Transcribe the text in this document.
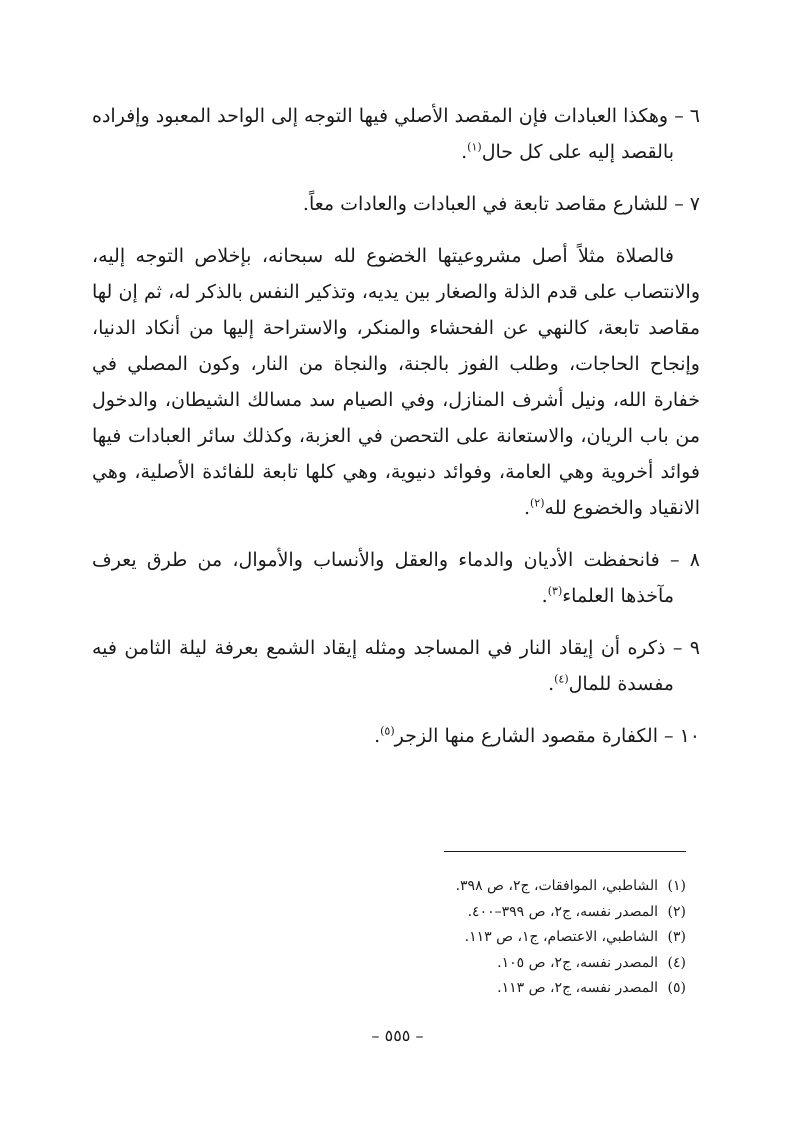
٦ – وهكذا العبادات فإن المقصد الأصلي فيها التوجه إلى الواحد المعبود وإفراده بالقصد إليه على كل حال$^{(١)}$.

٧ – للشارع مقاصد تابعة في العبادات والعادات معاً.

فالصلاة مثلاً أصل مشروعيتها الخضوع لله سبحانه، بإخلاص التوجه إليه، والانتصاب على قدم الذلة والصغار بين يديه، وتذكير النفس بالذكر له، ثم إن لها مقاصد تابعة، كالنهي عن الفحشاء والمنكر، والاستراحة إليها من أنكاد الدنيا، وإنجاح الحاجات، وطلب الفوز بالجنة، والنجاة من النار، وكون المصلي في خفارة الله، ونيل أشرف المنازل، وفي الصيام سد مسالك الشيطان، والدخول من باب الريان، والاستعانة على التحصن في العزبة، وكذلك سائر العبادات فيها فوائد أخروية وهي العامة، وفوائد دنيوية، وهي كلها تابعة للفائدة الأصلية، وهي الانقياد والخضوع لله$^{(٢)}$.

٨ – فانحفظت الأديان والدماء والعقل والأنساب والأموال، من طرق يعرف مآخذها العلماء$^{(٣)}$.

٩ – ذكره أن إيقاد النار في المساجد ومثله إيقاد الشمع بعرفة ليلة الثامن فيه مفسدة للمال$^{(٤)}$.

١٠ – الكفارة مقصود الشارع منها الزجر$^{(٥)}$.

(١)الشاطبي، الموافقات، ج٢، ص ٣٩٨.
(٢)المصدر نفسه، ج٢، ص ٣٩٩–٤٠٠.
(٣)الشاطبي، الاعتصام، ج١، ص ١١٣.
(٤)المصدر نفسه، ج٢، ص ١٠٥.
(٥)المصدر نفسه، ج٢، ص ١١٣.
– ٥٥٥ –
